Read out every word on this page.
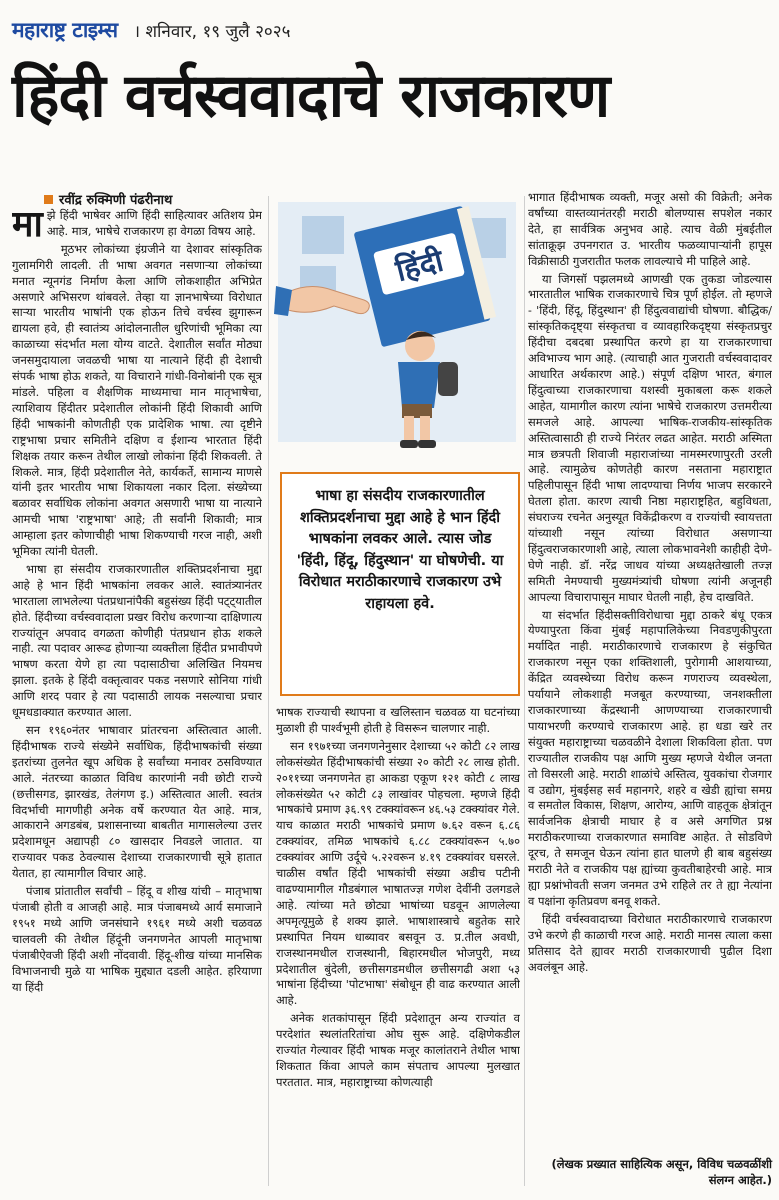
महाराष्ट्र टाइम्स । शनिवार, १९ जुलै २०२५
हिंदी वर्चस्ववादाचे राजकारण
रवींद्र रुक्मिणी पंढरीनाथ

माझे हिंदी भाषेवर आणि हिंदी साहित्यावर अतिशय प्रेम आहे. मात्र, भाषेचे राजकारण हा वेगळा विषय आहे.

मूठभर लोकांच्या इंग्रजीने या देशावर सांस्कृतिक गुलामगिरी लादली. ती भाषा अवगत नसणाऱ्या लोकांच्या मनात न्यूनगंड निर्माण केला आणि लोकशाहीत अभिप्रेत असणारे अभिसरण थांबवले. तेव्हा या ज्ञानभाषेच्या विरोधात साऱ्या भारतीय भाषांनी एक होऊन तिचे वर्चस्व झुगारून द्यायला हवे, ही स्वातंत्र्य आंदोलनातील धुरिणांची भूमिका त्या काळाच्या संदर्भात मला योग्य वाटते. देशातील सर्वांत मोठ्या जनसमुदायाला जवळची भाषा या नात्याने हिंदी ही देशाची संपर्क भाषा होऊ शकते, या विचाराने गांधी-विनोबांनी एक सूत्र मांडले. पहिला व शैक्षणिक माध्यमाचा मान मातृभाषेचा, त्याशिवाय हिंदीतर प्रदेशातील लोकांनी हिंदी शिकावी आणि हिंदी भाषकांनी कोणतीही एक प्रादेशिक भाषा. त्या दृष्टीने राष्ट्रभाषा प्रचार समितीने दक्षिण व ईशान्य भारतात हिंदी शिक्षक तयार करून तेथील लाखो लोकांना हिंदी शिकवली. ते शिकले. मात्र, हिंदी प्रदेशातील नेते, कार्यकर्ते, सामान्य माणसे यांनी इतर भारतीय भाषा शिकायला नकार दिला. संख्येच्या बळावर सर्वाधिक लोकांना अवगत असणारी भाषा या नात्याने आमची भाषा 'राष्ट्रभाषा' आहे; ती सर्वांनी शिकावी; मात्र आम्हाला इतर कोणाचीही भाषा शिकण्याची गरज नाही, अशी भूमिका त्यांनी घेतली.

भाषा हा संसदीय राजकारणातील शक्तिप्रदर्शनाचा मुद्दा आहे हे भान हिंदी भाषकांना लवकर आले. स्वातंत्र्यानंतर भारताला लाभलेल्या पंतप्रधानांपैकी बहुसंख्य हिंदी पट्ट्यातील होते. हिंदीच्या वर्चस्ववादाला प्रखर विरोध करणाऱ्या दाक्षिणात्य राज्यांतून अपवाद वगळता कोणीही पंतप्रधान होऊ शकले नाही. त्या पदावर आरूढ होणाऱ्या व्यक्तीला हिंदीत प्रभावीपणे भाषण करता येणे हा त्या पदासाठीचा अलिखित नियमच झाला. इतके हे हिंदी वक्तृत्वावर पकड नसणारे सोनिया गांधी आणि शरद पवार हे त्या पदासाठी लायक नसल्याचा प्रचार धूमधडाक्यात करण्यात आला.

सन १९६०नंतर भाषावार प्रांतरचना अस्तित्वात आली. हिंदीभाषक राज्ये संख्येने सर्वाधिक, हिंदीभाषकांची संख्या इतरांच्या तुलनेत खूप अधिक हे सर्वांच्या मनावर ठसविण्यात आले. नंतरच्या काळात विविध कारणांनी नवी छोटी राज्ये (छत्तीसगड, झारखंड, तेलंगण इ.) अस्तित्वात आली. स्वतंत्र विदर्भाची मागणीही अनेक वर्षे करण्यात येत आहे. मात्र, आकाराने अगडबंब, प्रशासनाच्या बाबतीत मागासलेल्या उत्तर प्रदेशामधून अद्यापही ८० खासदार निवडले जातात. या राज्यावर पकड ठेवल्यास देशाच्या राजकारणाची सूत्रे हातात येतात, हा त्यामागील विचार आहे.

पंजाब प्रांतातील सर्वांची – हिंदू व शीख यांची – मातृभाषा पंजाबी होती व आजही आहे. मात्र पंजाबमध्ये आर्य समाजाने १९५१ मध्ये आणि जनसंघाने १९६१ मध्ये अशी चळवळ चालवली की तेथील हिंदूंनी जनगणनेत आपली मातृभाषा पंजाबीऐवजी हिंदी अशी नोंदवावी. हिंदू-शीख यांच्या मानसिक विभाजनाची मुळे या भाषिक मुद्द्यात दडली आहेत. हरियाणा या हिंदी

हिंदी
भाषा हा संसदीय राजकारणातील शक्तिप्रदर्शनाचा मुद्दा आहे हे भान हिंदी भाषकांना लवकर आले. त्यास जोड 'हिंदी, हिंदू, हिंदुस्थान' या घोषणेची. या विरोधात मराठीकारणाचे राजकारण उभे राहायला हवे.

भाषक राज्याची स्थापना व खलिस्तान चळवळ या घटनांच्या मुळाशी ही पार्श्वभूमी होती हे विसरून चालणार नाही.

सन १९७१च्या जनगणनेनुसार देशाच्या ५२ कोटी ८२ लाख लोकसंख्येत हिंदीभाषकांची संख्या २० कोटी २८ लाख होती. २०११च्या जनगणनेत हा आकडा एकूण १२१ कोटी ८ लाख लोकसंख्येत ५२ कोटी ८३ लाखांवर पोहचला. म्हणजे हिंदी भाषकांचे प्रमाण ३६.९९ टक्क्यांवरून ४६.५३ टक्क्यांवर गेले. याच काळात मराठी भाषकांचे प्रमाण ७.६२ वरून ६.८६ टक्क्यांवर, तमिळ भाषकांचे ६.८८ टक्क्यांवरून ५.७० टक्क्यांवर आणि उर्दूचे ५.२२वरून ४.१९ टक्क्यांवर घसरले. चाळीस वर्षांत हिंदी भाषकांची संख्या अडीच पटीनी वाढण्यामागील गौडबंगाल भाषातज्ज्ञ गणेश देवींनी उलगडले आहे. त्यांच्या मते छोट्या भाषांच्या घडवून आणलेल्या अपमृत्यूमुळे हे शक्य झाले. भाषाशास्त्राचे बहुतेक सारे प्रस्थापित नियम धाब्यावर बसवून उ. प्र.तील अवधी, राजस्थानमधील राजस्थानी, बिहारमधील भोजपुरी, मध्य प्रदेशातील बुंदेली, छत्तीसगडमधील छत्तीसगढी अशा ५३ भाषांना हिंदीच्या 'पोटभाषा' संबोधून ही वाढ करण्यात आली आहे.

अनेक शतकांपासून हिंदी प्रदेशातून अन्य राज्यांत व परदेशांत स्थलांतरितांचा ओघ सुरू आहे. दक्षिणेकडील राज्यांत गेल्यावर हिंदी भाषक मजूर कालांतराने तेथील भाषा शिकतात किंवा आपले काम संपताच आपल्या मुलखात परततात. मात्र, महाराष्ट्राच्या कोणत्याही

भागात हिंदीभाषक व्यक्ती, मजूर असो की विक्रेती; अनेक वर्षांच्या वास्तव्यानंतरही मराठी बोलण्यास सपशेल नकार देते, हा सार्वत्रिक अनुभव आहे. त्याच वेळी मुंबईतील सांताक्रूझ उपनगरात उ. भारतीय फळव्यापाऱ्यांनी हापूस विक्रीसाठी गुजरातीत फलक लावल्याचे मी पाहिले आहे.

या जिगसॉ पझलमध्ये आणखी एक तुकडा जोडल्यास भारतातील भाषिक राजकारणाचे चित्र पूर्ण होईल. तो म्हणजे - 'हिंदी, हिंदू, हिंदुस्थान' ही हिंदुत्ववाद्यांची घोषणा. बौद्धिक/सांस्कृतिकदृष्ट्या संस्कृतचा व व्यावहारिकदृष्ट्या संस्कृतप्रचुर हिंदीचा दबदबा प्रस्थापित करणे हा या राजकारणाचा अविभाज्य भाग आहे. (त्याचाही आत गुजराती वर्चस्ववादावर आधारित अर्थकारण आहे.) संपूर्ण दक्षिण भारत, बंगाल हिंदुत्वाच्या राजकारणाचा यशस्वी मुकाबला करू शकले आहेत, यामागील कारण त्यांना भाषेचे राजकारण उत्तमरीत्या समजले आहे. आपल्या भाषिक-राजकीय-सांस्कृतिक अस्तित्वासाठी ही राज्ये निरंतर लढत आहेत. मराठी अस्मिता मात्र छत्रपती शिवाजी महाराजांच्या नामस्मरणापुरती उरली आहे. त्यामुळेच कोणतेही कारण नसताना महाराष्ट्रात पहिलीपासून हिंदी भाषा लादण्याचा निर्णय भाजप सरकारने घेतला होता. कारण त्याची निष्ठा महाराष्ट्रहित, बहुविधता, संघराज्य रचनेत अनुस्यूत विकेंद्रीकरण व राज्यांची स्वायत्तता यांच्याशी नसून त्यांच्या विरोधात असणाऱ्या हिंदुत्वराजकारणाशी आहे, त्याला लोकभावनेशी काहीही देणे-घेणे नाही. डॉ. नरेंद्र जाधव यांच्या अध्यक्षतेखाली तज्ज्ञ समिती नेमण्याची मुख्यमंत्र्यांची घोषणा त्यांनी अजूनही आपल्या विचारापासून माघार घेतली नाही, हेच दाखविते.

या संदर्भात हिंदीसक्तीविरोधाचा मुद्दा ठाकरे बंधू एकत्र येण्यापुरता किंवा मुंबई महापालिकेच्या निवडणुकीपुरता मर्यादित नाही. मराठीकारणाचे राजकारण हे संकुचित राजकारण नसून एका शक्तिशाली, पुरोगामी आशयाच्या, केंद्रित व्यवस्थेच्या विरोध करून गणराज्य व्यवस्थेला, पर्यायाने लोकशाही मजबूत करण्याच्या, जनशक्तीला राजकारणाच्या केंद्रस्थानी आणण्याच्या राजकारणाची पायाभरणी करण्याचे राजकारण आहे. हा धडा खरे तर संयुक्त महाराष्ट्राच्या चळवळीने देशाला शिकविला होता. पण राज्यातील राजकीय पक्ष आणि मुख्य म्हणजे येथील जनता तो विसरली आहे. मराठी शाळांचे अस्तित्व, युवकांचा रोजगार व उद्योग, मुंबईसह सर्व महानगरे, शहरे व खेडी ह्यांचा समग्र व समतोल विकास, शिक्षण, आरोग्य, आणि वाहतूक क्षेत्रांतून सार्वजनिक क्षेत्राची माघार हे व असे अगणित प्रश्न मराठीकरणाच्या राजकारणात समाविष्ट आहेत. ते सोडविणे दूरच, ते समजून घेऊन त्यांना हात घालणे ही बाब बहुसंख्य मराठी नेते व राजकीय पक्ष ह्यांच्या कुवतीबाहेरची आहे. मात्र ह्या प्रश्नांभोवती सजग जनमत उभे राहिले तर ते ह्या नेत्यांना व पक्षांना कृतिप्रवण बनवू शकते.

हिंदी वर्चस्ववादाच्या विरोधात मराठीकारणाचे राजकारण उभे करणे ही काळाची गरज आहे. मराठी मानस त्याला कसा प्रतिसाद देते ह्यावर मराठी राजकारणाची पुढील दिशा अवलंबून आहे.

(लेखक प्रख्यात साहित्यिक असून, विविध चळवळींशी संलग्न आहेत.)
